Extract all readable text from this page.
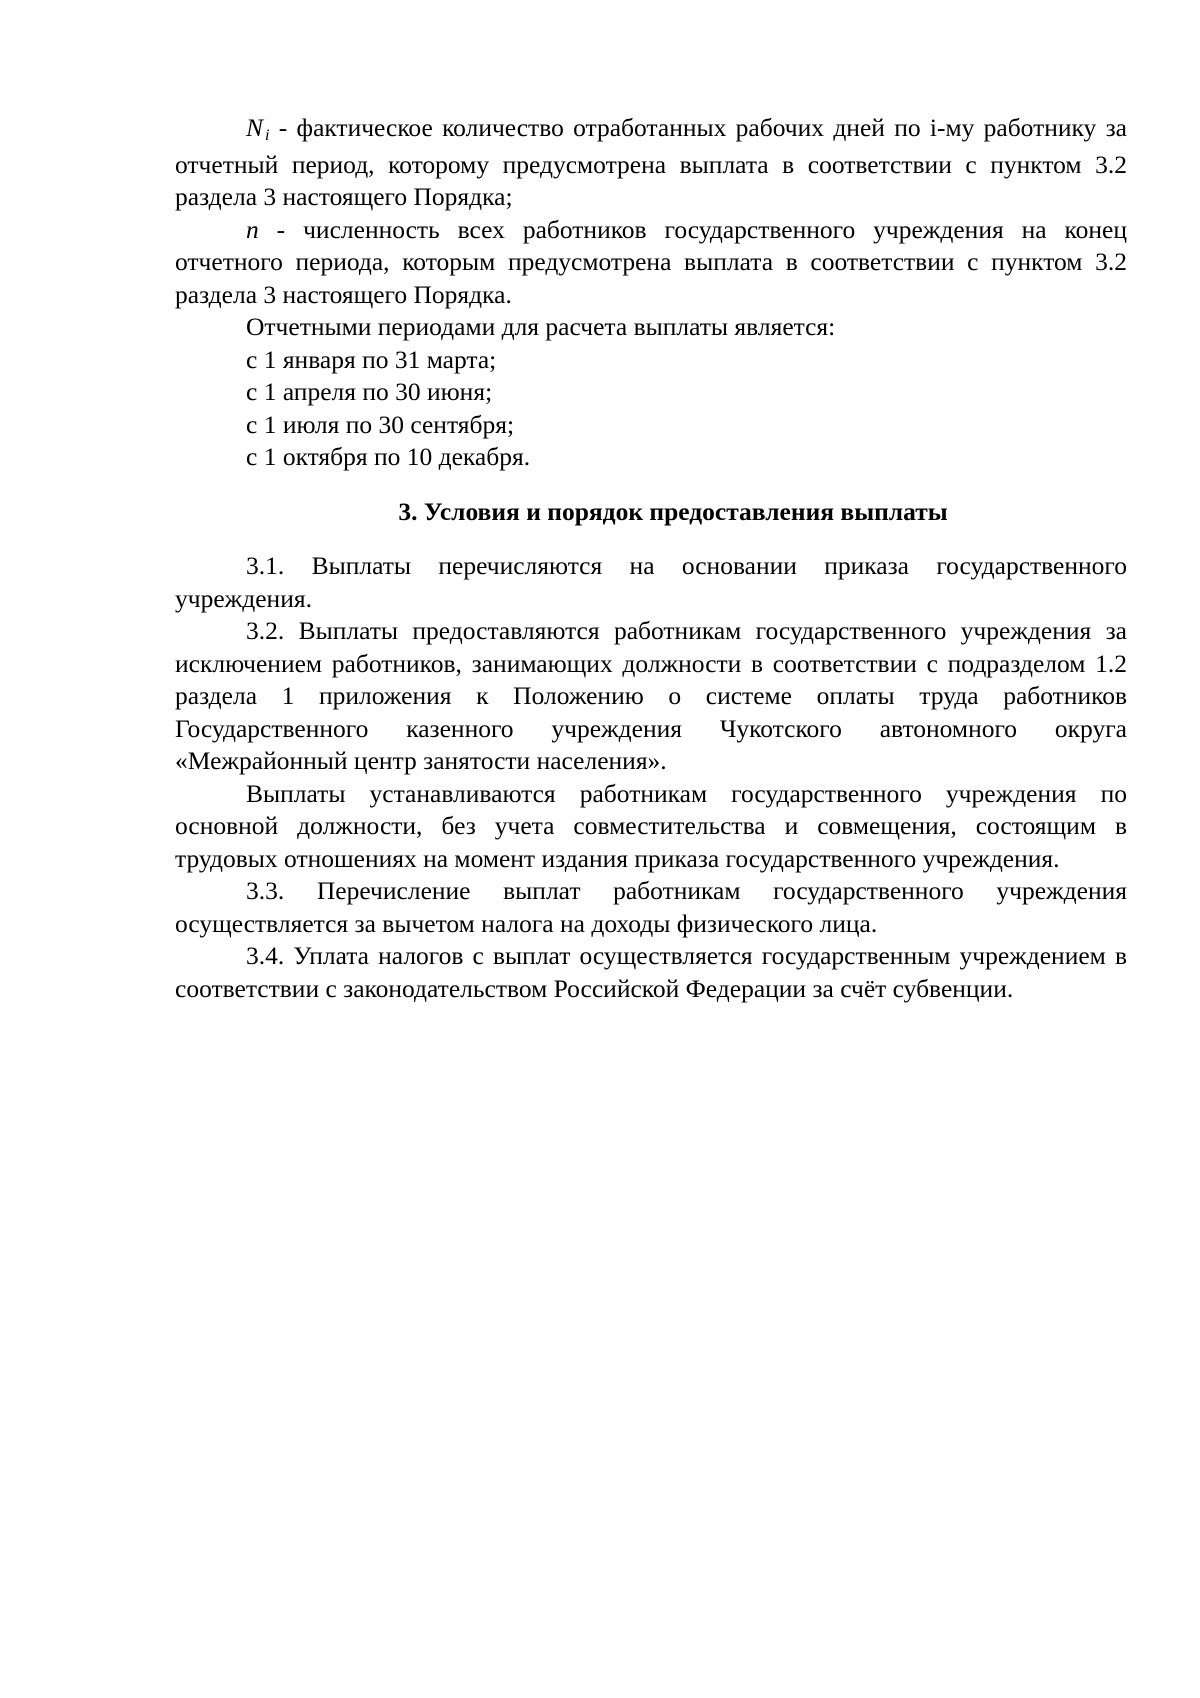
Ni - фактическое количество отработанных рабочих дней по i-му работнику за отчетный период, которому предусмотрена выплата в соответствии с пунктом 3.2 раздела 3 настоящего Порядка;

n - численность всех работников государственного учреждения на конец отчетного периода, которым предусмотрена выплата в соответствии с пунктом 3.2 раздела 3 настоящего Порядка.

Отчетными периодами для расчета выплаты является:

с 1 января по 31 марта;

с 1 апреля по 30 июня;

с 1 июля по 30 сентября;

с 1 октября по 10 декабря.

3. Условия и порядок предоставления выплаты

3.1. Выплаты перечисляются на основании приказа государственного учреждения.

3.2. Выплаты предоставляются работникам государственного учреждения за исключением работников, занимающих должности в соответствии с подразделом 1.2 раздела 1 приложения к Положению о системе оплаты труда работников Государственного казенного учреждения Чукотского автономного округа «Межрайонный центр занятости населения».

Выплаты устанавливаются работникам государственного учреждения по основной должности, без учета совместительства и совмещения, состоящим в трудовых отношениях на момент издания приказа государственного учреждения.

3.3. Перечисление выплат работникам государственного учреждения осуществляется за вычетом налога на доходы физического лица.

3.4. Уплата налогов с выплат осуществляется государственным учреждением в соответствии с законодательством Российской Федерации за счёт субвенции.
